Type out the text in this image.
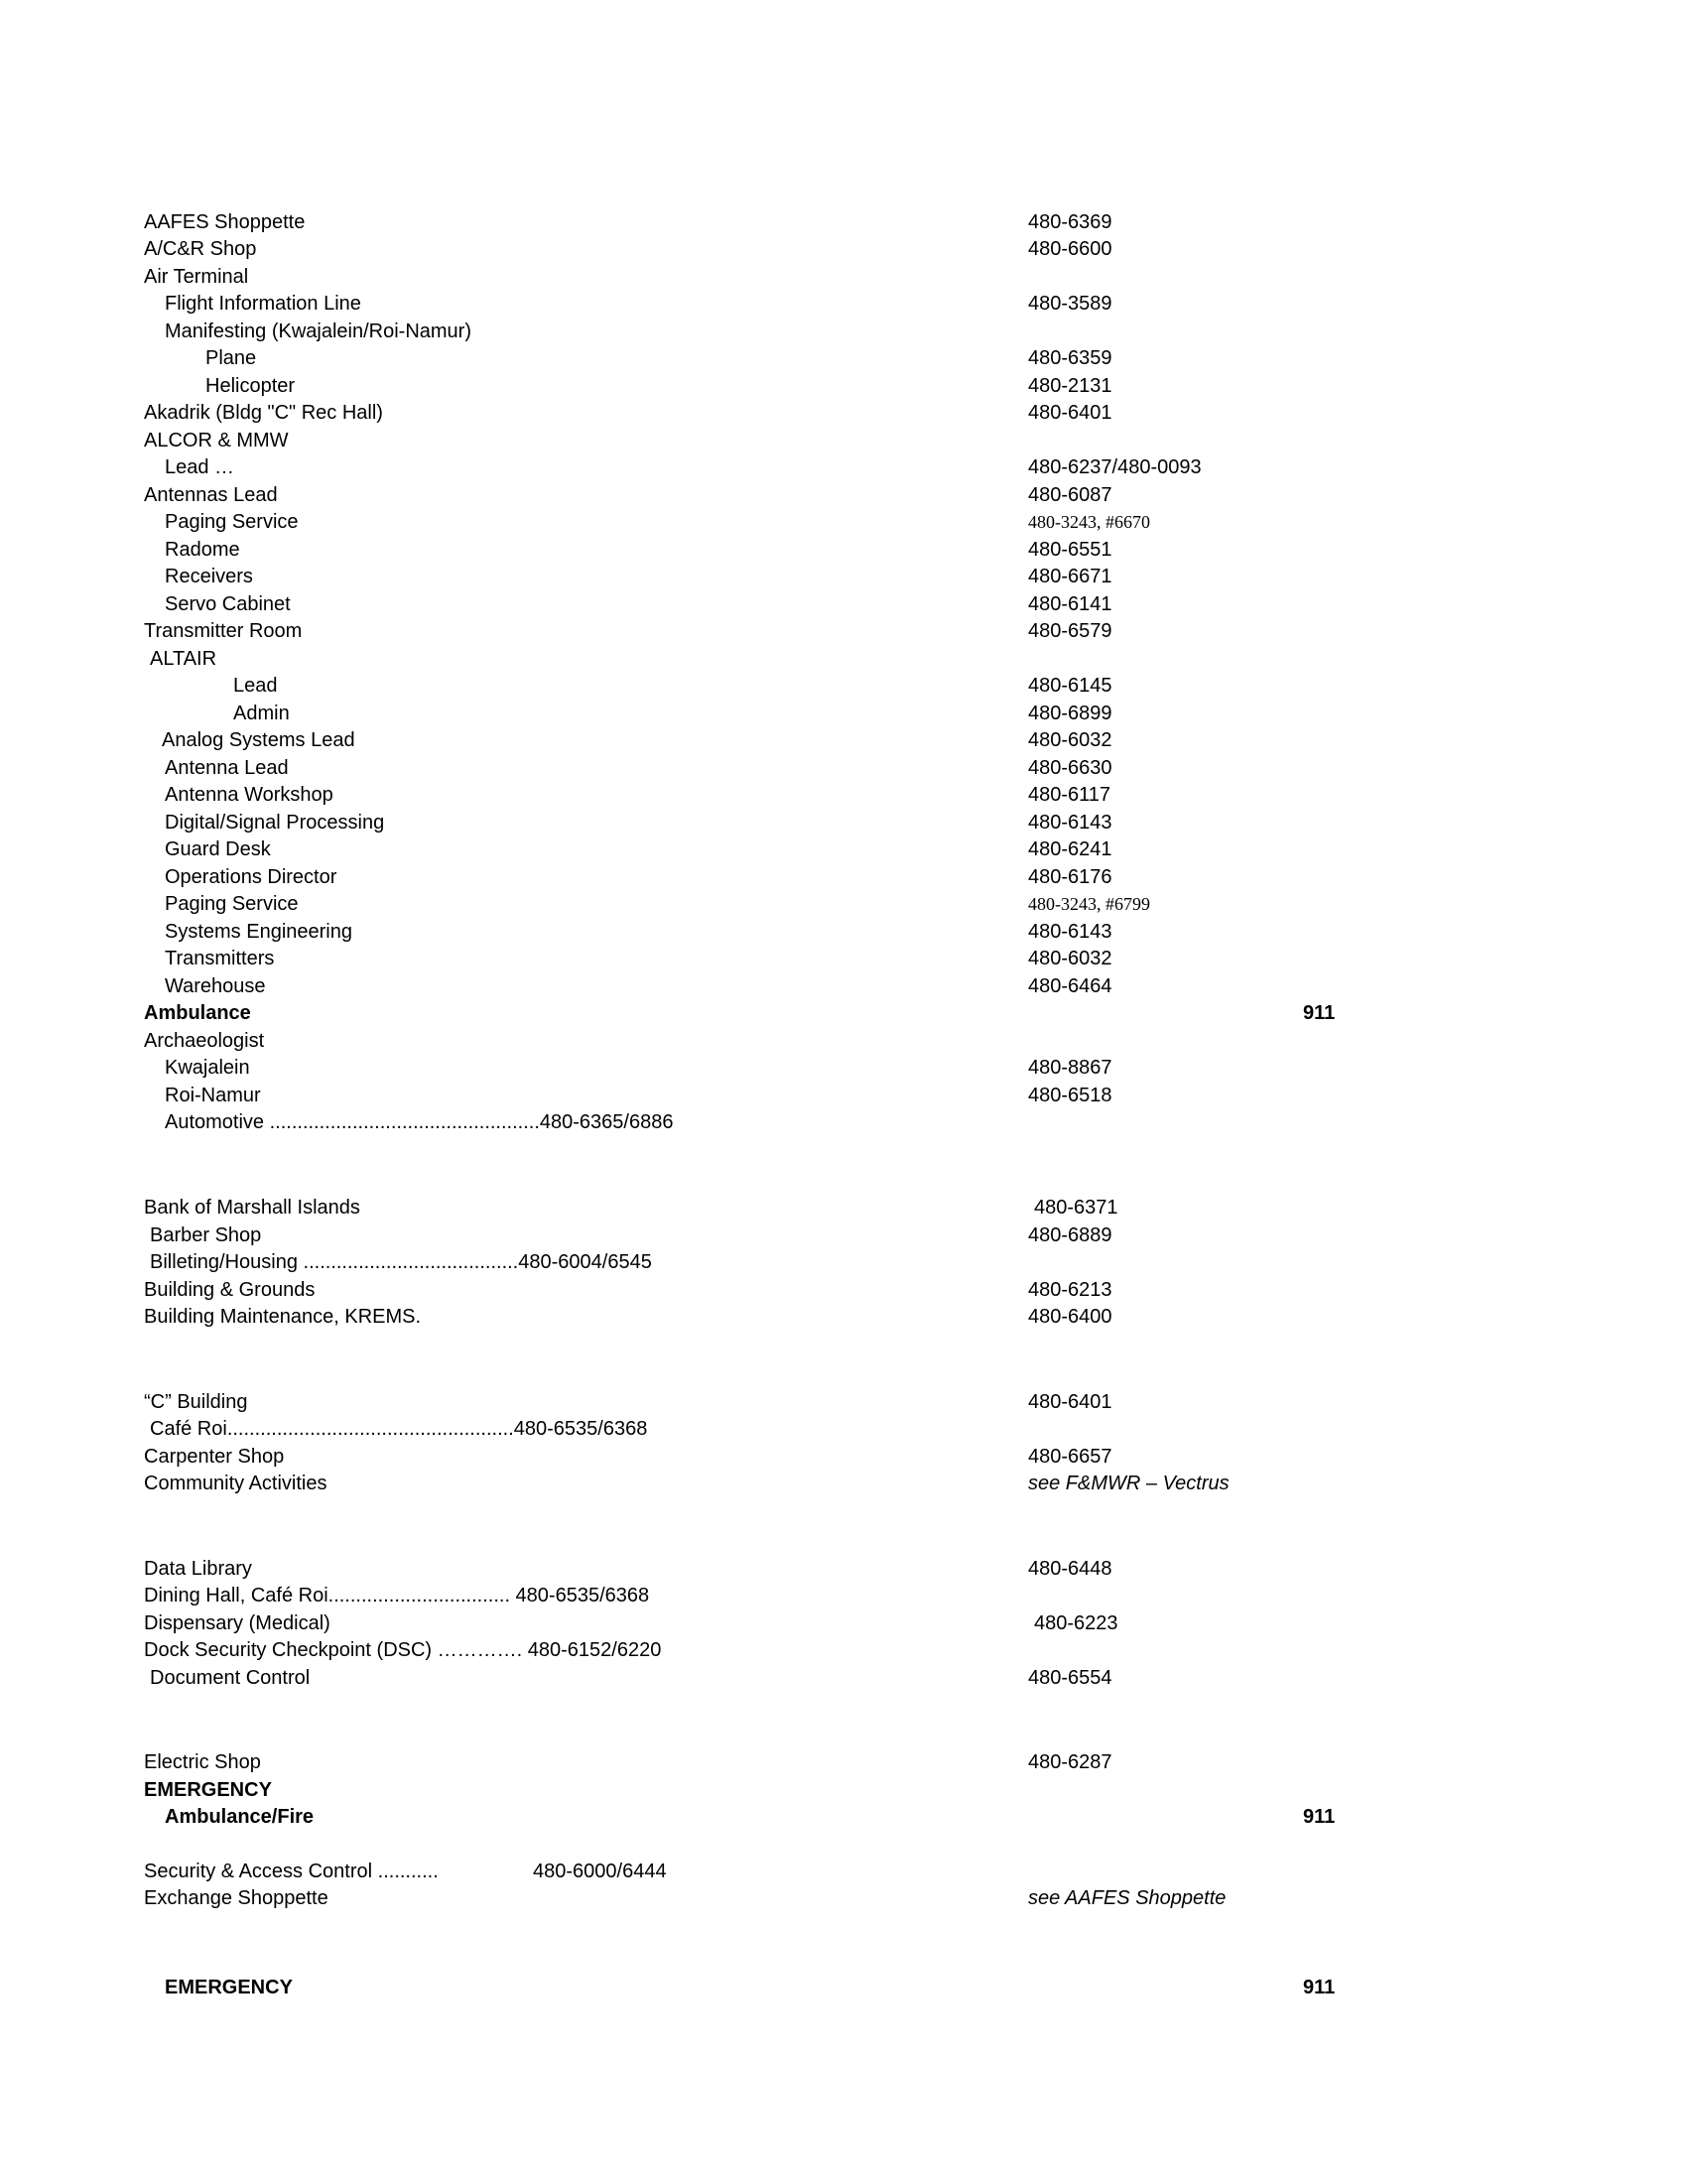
AAFES Shoppette	480-6369
A/C&R Shop	480-6600
Air Terminal
Flight Information Line	480-3589
Manifesting (Kwajalein/Roi-Namur)
Plane	480-6359
Helicopter	480-2131
Akadrik (Bldg "C" Rec Hall)	480-6401
ALCOR & MMW
Lead …	480-6237/480-0093
Antennas Lead	480-6087
Paging Service	480-3243, #6670
Radome	480-6551
Receivers	480-6671
Servo Cabinet	480-6141
Transmitter Room	480-6579
ALTAIR
Lead	480-6145
Admin	480-6899
Analog Systems Lead	480-6032
Antenna Lead	480-6630
Antenna Workshop	480-6117
Digital/Signal Processing	480-6143
Guard Desk	480-6241
Operations Director	480-6176
Paging Service	480-3243, #6799
Systems Engineering	480-6143
Transmitters	480-6032
Warehouse	480-6464
Ambulance	911
Archaeologist
Kwajalein	480-8867
Roi-Namur	480-6518
Automotive .................................................480-6365/6886
Bank of Marshall Islands	480-6371
Barber Shop	480-6889
Billeting/Housing .......................................480-6004/6545
Building & Grounds	480-6213
Building Maintenance, KREMS.	480-6400
“C” Building	480-6401
Café Roi....................................................480-6535/6368
Carpenter Shop	480-6657
Community Activities	see F&MWR – Vectrus
Data Library	480-6448
Dining Hall, Café Roi................................. 480-6535/6368
Dispensary (Medical)	480-6223
Dock Security Checkpoint (DSC) …………. 480-6152/6220
Document Control	480-6554
Electric Shop	480-6287
EMERGENCY
Ambulance/Fire	911
Security & Access Control ...........	480-6000/6444
Exchange Shoppette	see AAFES Shoppette
EMERGENCY	911
